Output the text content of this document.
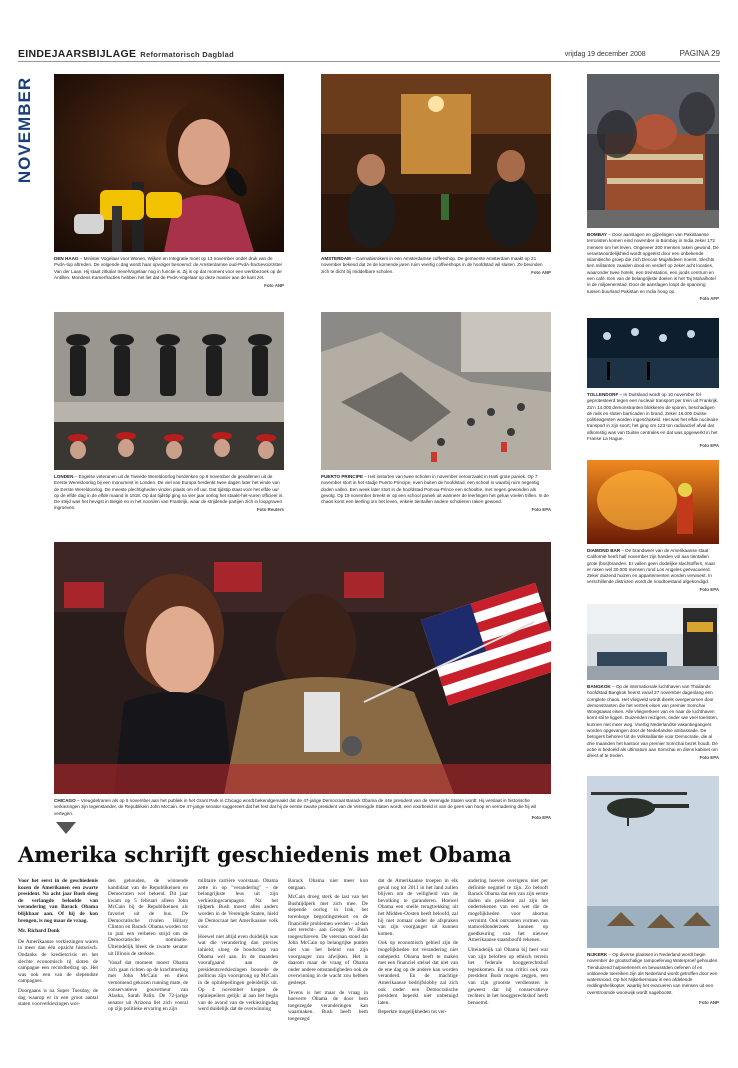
EINDEJAARSBIJLAGE Reformatorisch Dagblad	vrijdag 19 december 2008	PAGINA 29
NOVEMBER
DEN HAAG – Minister Vogelaar voor Wonen, Wijken en Integratie moet op 13 november onder druk van de PvdA-top aftreden. De volgende dag wordt haar opvolger benoemd: de Amsterdamse oud-PvdA-fractievoorzitter Van der Laan. Hij staat zitkalar trevelVogelaar nog in functie is. Zij is op dat moment voor een werkbezoek op de Antillen. Mondeos Kamerfracties hebben het liet dat de PvdA-Vogelaar op deze manier aan de kant zet.
Foto ANP
AMSTERDAM – Cannabisrokers in een Amsterdamse coffeeshop. De gemeente Amsterdam maakt op 21 november bekend dat ze de komende jaren ruim veertig coffeeshops in de hoofdstad wil sluiten. Ze bevinden zich te dicht bij middelbare scholen.	Foto ANP
BOMBAY – Door aanslagen en gijzelingen van Pakistaanse terroristen komen eind november in Bombay in India zeker 172 mensen om het leven. Ongeveer 300 mensen raken gewond. De verantwoordelijkheid wordt opgeëist door een onbekende islamitische groep die zich Deccan Mujahideen noemt. Slechts tien militanten zaaiden dood en verderf op zeker acht locaties, waaronder twee hotels, een treinstation, een joods centrum en een café. Een van de belangrijkste doelen is het Taj Mahalhotel in de miljoenenstad. Door de aanslagen loopt de spanning tussen buurland Pakistan en India hoog op.
Foto AFP
LONDEN – Engelse veteranen uit de Tweede Wereldoorlog herdenken op 9 november de gevallenen uit de Eerste Wereldoorlog bij een monument in Londen. De viel van Europa herdenkt twee dagen later het einde van de Eerste Wereldoorlog. De meeste plechtigheden vinden plaats om elf uur. Dat tijdstip staat voor het elfde uur op de elfde dag in de elfde maand in 1918. Op dat tijdstip ging na vier jaar oorlog het staakt-het-vuren officieel in. De strijd was het hevigst in België en in het noorden van Frankrijk, waar de strijdende partijen zich in loopgraven ingroeven.	Foto Reuters
PUERTO PRINCIPE – Het instorten van twee scholen in november veroorzaakt in Haïti grote paniek. Op 7 november stort in het stadje Puerto Principe, even buiten de hoofdstad, een school in waarbij ruim negentig doden vallen. Een week later stort in de hoofdstad Port-au-Prince een schooltie, met negen gewonden als gevolg. Op 19 november breekt er op een school paniek uit wanneer de leerlingen het geluw voelen trillen. In de chaos komt een leerling om het leven, enkele tientallen andere scholieren raken gewond.
Foto EPA
TOLLENDORF – In Duitsland wordt op 10 november fel geprotesteerd tegen een nucleair transport per trein uit Frankrijk. Zo'n 14.000 demonstranten blokkeren de sporen, beschadigen de rails en sloten barricaden in brand. Zeker 16.000 Duitse politieagenten worden ingeschakeld. Het was het elfde nucleaire transport in zijn soort; het ging om 123 ton radioactief afval dat afkomstig was van Duitse centrales en dat was opgewerkt in het Franse La Hague.
Foto EPA
DIAMOND BAR – De brandweer van de Amerikaanse staat Californië heeft half november zijn handen vol aan tientallen grote (bos)branden. Er vallen geen dodelijke slachtoffers, maar er raken wel 30.000 mensen rond Los Angeles geëvacueerd. Zeker duizend huizen en appartementen worden verwoest. In verschillende districten wordt de noodtoestand afgekondigd.
Foto EPA
CHICAGO – Vreugdetranen als op 5 november aan het publiek in het Grant Park in Chicago wordt bekendgemaakt dat de 47-jarige Democraat Barack Obama de 44e president van de Verenigde Staten wordt. Hij verslaat in historische verkiezingen zijn tegenstander, de Republikein John McCain. De 47-jarige senator suggereert dat het fest dat hij de eerste zwarte president van de Verenigde Staten wordt, een voorbeeld is van de geen van hoop en vernadering die hij wil vertegen.
Foto EPA
BANGKOK – Op de internationale luchthaven van Thailands hoofdstad Bangkok heerst vanaf 27 november dagenlang een complete chaos. Het vliegveld wordt dieels overgenomen door demonstranten die het vertrek eisen van premier Somchai Wongsawat eisen. Alle vliegverkeer van en naar de luchthaven komt stil te liggen. Duizenden reizigers, onder wie veel toeristen, kunnen niet meer weg. Voertig Nederlandse vakantiegangers worden opgevangen door de Nederlandse ambassade. De betogers behoren tot de Volksalliantie voor Democratie, die al drie maanden het kantoor van premier Somchai bezet houdt. De actie is bedoeld als ultimatum aan Somchai en diens kabinet om direct af te treden.	Foto EPA
NIJKERK – Op diverse plaatsen in Nederland wordt begin november de grootschalige rampoefening Waterproef gehouden. Tienduizend hulpverleners en bewusstden oefenen of en voldoende toereiken zijn als Nederland wordt getroffen door een watersnood. Op het Nijkerkernauw is een afdelende reddingshelikopter, waarbij het evacueren van mensen uit een overstroomde woonwijk wordt nagebootst.
Foto ANP
Amerika schrijft geschiedenis met Obama
Voor het eerst in de geschiedenis kozen de Amerikanen een zwarte president. Na acht jaar Bush sleeg de verlangde beloofde van verandering van Barack Obama blijkbaar aan. Of hij de kon brengen, is nog maar de vraag.
Mr. Richard Donk

De Amerikaanse verkiezingen waren in meer dan één opzicht historisch. Ondanks de kredietcrisis en het slechte economisch tij sloten de campagne een recordbedrag op. Het was ook een van de slependste campagnes.

Doorgaans is na Super Tuesday, de dag waarop er in een groot aantal staten voorverkiezingen wor-

den gehouden, de winnende kandidaat van de Republikeinen en Democraten wel bekend. Dit jaar kwam op 5 februari alleen John McCain bij de Republikeinen als favoriet uit de bus. De Democratische rivalen Hillary Clinton en Barack Obama worden tot in juni een verbeten strijd om de Democratische nominatie. Uiteindelijk bleek de zwarte senator uit Illinois de sterkste.

'Vanaf dat moment moest Obama zich gaan richten op de krachtmeting met John McCain en diens vernomend gekozen running mate, de conservatieve gouverneur van Alaska, Sarah Palin. De 72-jarige senator uit Arizona liet zich vooral op zijn politieke ervaring en zijn

militaire carrière voorstaan. Obama zette in op "verandering" – de belangrijkste leus uit zijn verkiezingscampagne. Na het tijdperk Bush moest alles anders worden in de Verenigde Staten, hield de Democraat het Amerikaanse volk voor.

Hoewel niet altijd even duidelijk was wat die verandering dan precies inhield, sloeg de boodschap van Obama wel aan. In de maanden voorafgaand aan de presidentsverkiezingen boosede de politicus zijn voorsprong op McCain in de opiniepeilingen geleidelijk uit. Op 4 november kregen de opiniepeilers gelijk: al aan het begin van de avond van de verkiezingsdag werd duidelijk dat de overwinning

Barack Obama niet meer kon ontgaan.

McCain droeg sterk de last van het Bushtijdperk met zich mee. De slepende oorlog in Irak, het torenhoge begrotingstekort en de financiële problemen werden – al dan niet terecht– aan George W. Bush toegeschreven. De veteraan stond dat John McCain op belangrijke punten niet van het beleid van zijn voorganger zou afwijken. Het is daarom maar de vraag of Obama onder andere omstandigheden ook de overwinning in de wacht zou hebben gesleept.

Tevens is het maar de vraag in hoeverre Obama de door hem toegezegde veranderingen kan waarmaken. Bush heeft hem toegezegd

dat de Amerikaanse troepen in elk geval nog tot 2011 in het land zullen blijven om de veiligheid van de bevolking te garanderen. Hoewel Obama een snelle terugtrekking uit het Midden-Oosten heeft beloofd, zal hij niet zomaar onder de afspraken van zijn voorganger uit kunnen komen.

Ook op economisch gebied zijn de mogelijkheden tot verandering niet onbeperkt. Obama heeft te maken met een financiel stelsel dat niet van de ene dag op de andere kan worden veranderd. En de machtige Amerikaanse bedrijfslobby zal zich ook onder een Democratische president beperkt niet onbetuigd laten.

Beperkte mogelijkheden tot ver-

andering hoeven overigens niet per definitie negatief te zijn. Zo belooft Barack Obama dat een van zijn eerste daden als president zal zijn het ondertekenen van een wet die de mogelijkheden voor abortus verruimt. Ook ontvanten vormen van stamceldonderzoek kunnen op goedkeuring van het nieuwe Amerikaanse staatshoofd rekenen.

Uiteindelijk zal Obama bij heel wat van zijn beloften op ethisch terrein het federale hooggerechtshof tegenkomen. En van critici ook van president Bush mogen zeggen, een van zijn grootste verdiensten is geweest dat hij conservatieve rechters in het hooggerechtshof heeft benoemd.
